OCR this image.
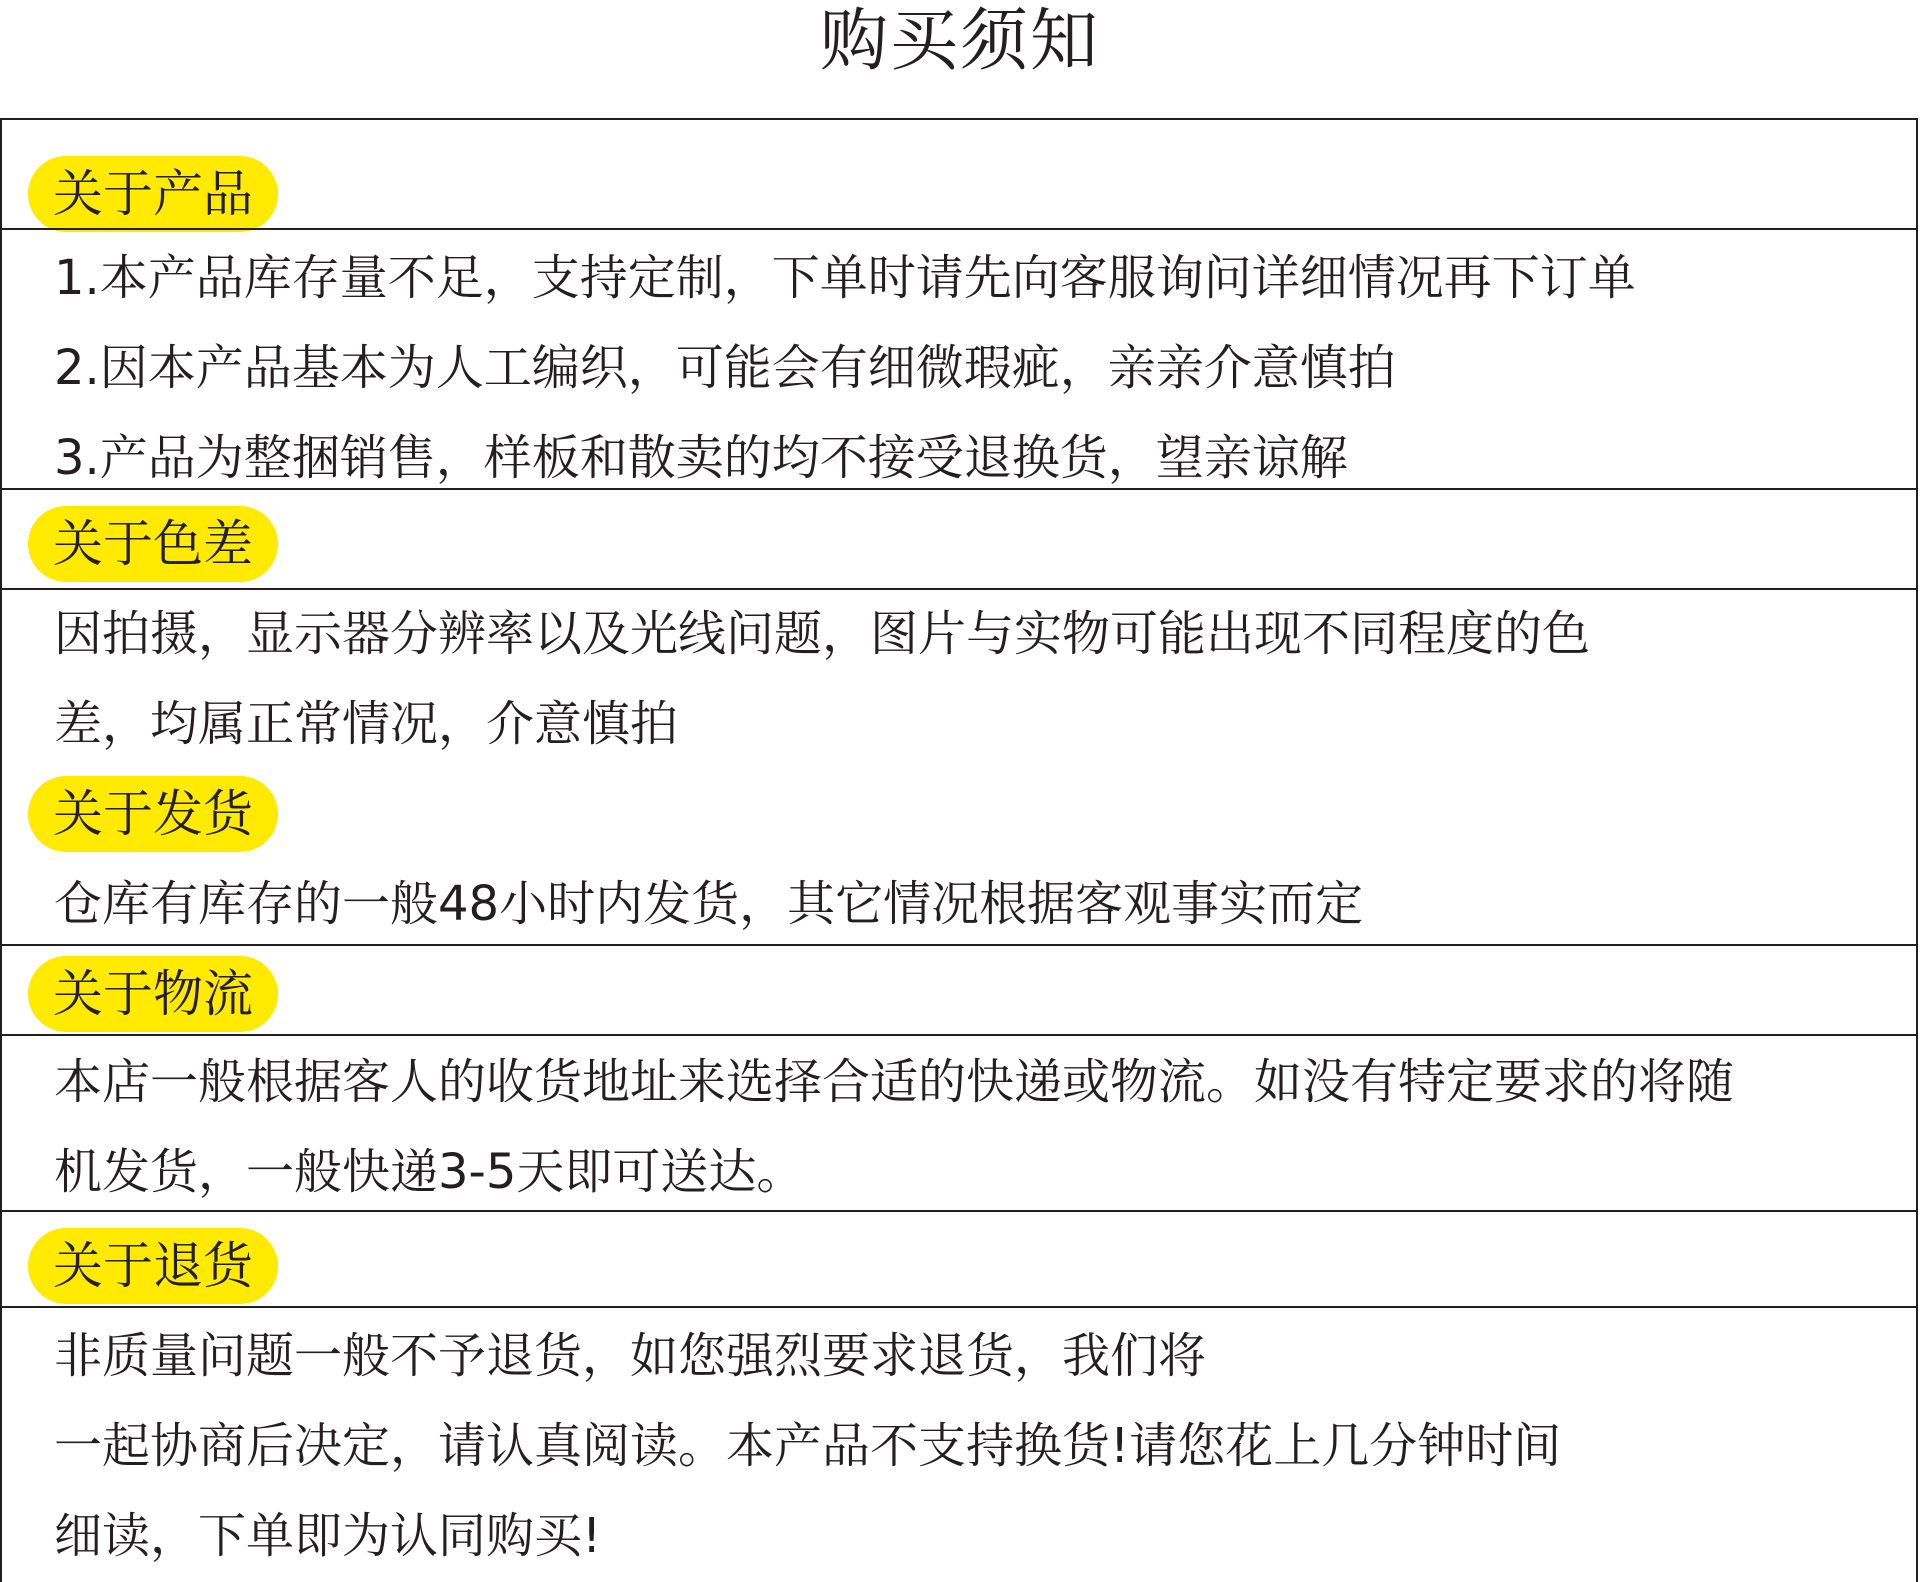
购买须知
关于产品
1.本产品库存量不足，支持定制，下单时请先向客服询问详细情况再下订单
2.因本产品基本为人工编织，可能会有细微瑕疵，亲亲介意慎拍
3.产品为整捆销售，样板和散卖的均不接受退换货，望亲谅解
关于色差
因拍摄，显示器分辨率以及光线问题，图片与实物可能出现不同程度的色
差，均属正常情况，介意慎拍
关于发货
仓库有库存的一般48小时内发货，其它情况根据客观事实而定
关于物流
本店一般根据客人的收货地址来选择合适的快递或物流。如没有特定要求的将随
机发货，一般快递3-5天即可送达。
关于退货
非质量问题一般不予退货，如您强烈要求退货，我们将
一起协商后决定，请认真阅读。本产品不支持换货!请您花上几分钟时间
细读，下单即为认同购买!
